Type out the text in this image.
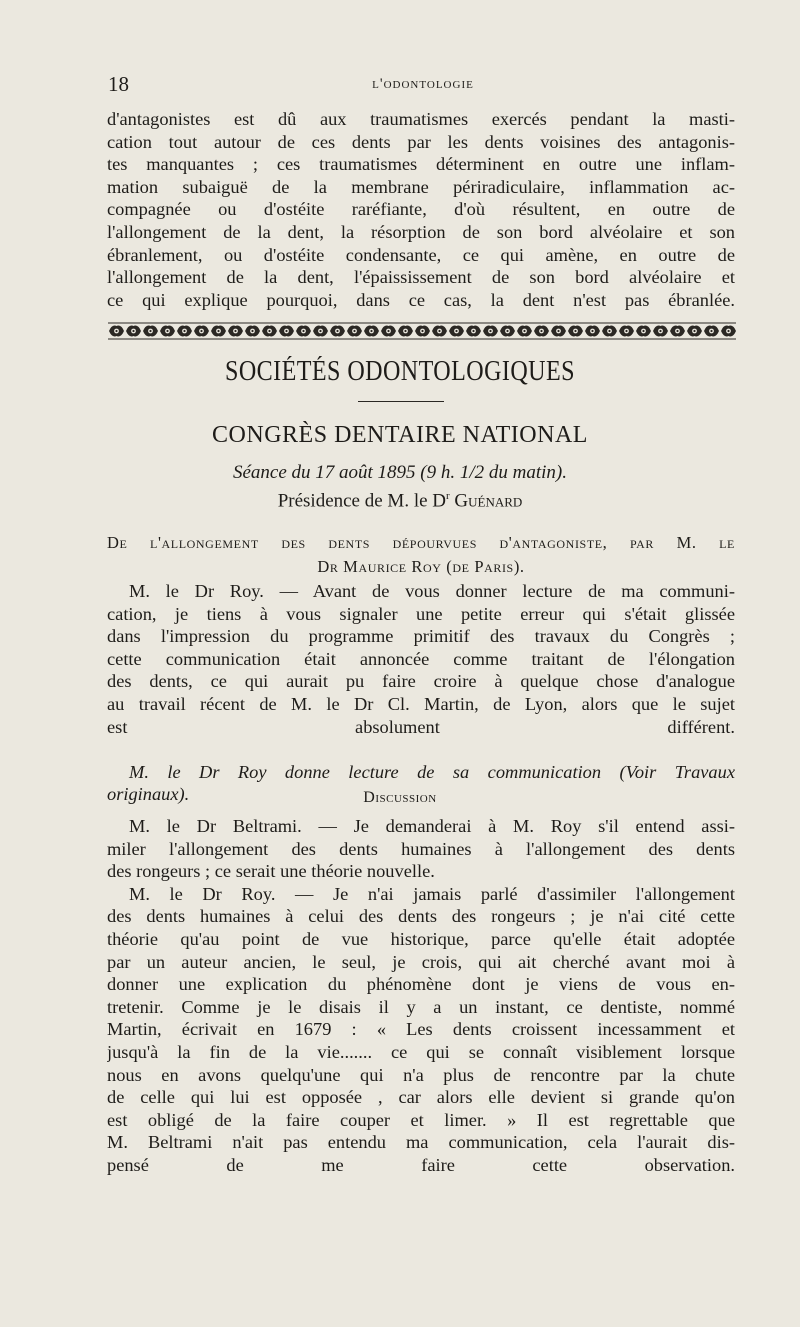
18	l'odontologie
d'antagonistes est dû aux traumatismes exercés pendant la masti-
cation tout autour de ces dents par les dents voisines des antagonis-
tes manquantes ; ces traumatismes déterminent en outre une inflam-
mation subaiguë de la membrane périradiculaire, inflammation ac-
compagnée ou d'ostéite raréfiante, d'où résultent, en outre de
l'allongement de la dent, la résorption de son bord alvéolaire et son
ébranlement, ou d'ostéite condensante, ce qui amène, en outre de
l'allongement de la dent, l'épaississement de son bord alvéolaire et
ce qui explique pourquoi, dans ce cas, la dent n'est pas ébranlée.
SOCIÉTÉS ODONTOLOGIQUES
CONGRÈS DENTAIRE NATIONAL
Séance du 17 août 1895 (9 h. 1/2 du matin).
Présidence de M. le $D^r$ Guénard
De l'allongement des dents dépourvues d'antagoniste, par M. le
Dr Maurice Roy (de Paris).
M. le Dr Roy. — Avant de vous donner lecture de ma communi-
cation, je tiens à vous signaler une petite erreur qui s'était glissée
dans l'impression du programme primitif des travaux du Congrès ;
cette communication était annoncée comme traitant de l'élongation
des dents, ce qui aurait pu faire croire à quelque chose d'analogue
au travail récent de M. le Dr Cl. Martin, de Lyon, alors que le sujet
est absolument différent.
M. le Dr Roy donne lecture de sa communication (Voir Travaux
originaux).	Discussion
M. le Dr Beltrami. — Je demanderai à M. Roy s'il entend assi-
miler l'allongement des dents humaines à l'allongement des dents
des rongeurs ; ce serait une théorie nouvelle.
M. le Dr Roy. — Je n'ai jamais parlé d'assimiler l'allongement
des dents humaines à celui des dents des rongeurs ; je n'ai cité cette
théorie qu'au point de vue historique, parce qu'elle était adoptée
par un auteur ancien, le seul, je crois, qui ait cherché avant moi à
donner une explication du phénomène dont je viens de vous en-
tretenir. Comme je le disais il y a un instant, ce dentiste, nommé
Martin, écrivait en 1679 : « Les dents croissent incessamment et
jusqu'à la fin de la vie....... ce qui se connaît visiblement lorsque
nous en avons quelqu'une qui n'a plus de rencontre par la chute
de celle qui lui est opposée , car alors elle devient si grande qu'on
est obligé de la faire couper et limer. » Il est regrettable que
M. Beltrami n'ait pas entendu ma communication, cela l'aurait dis-
pensé de me faire cette observation.
